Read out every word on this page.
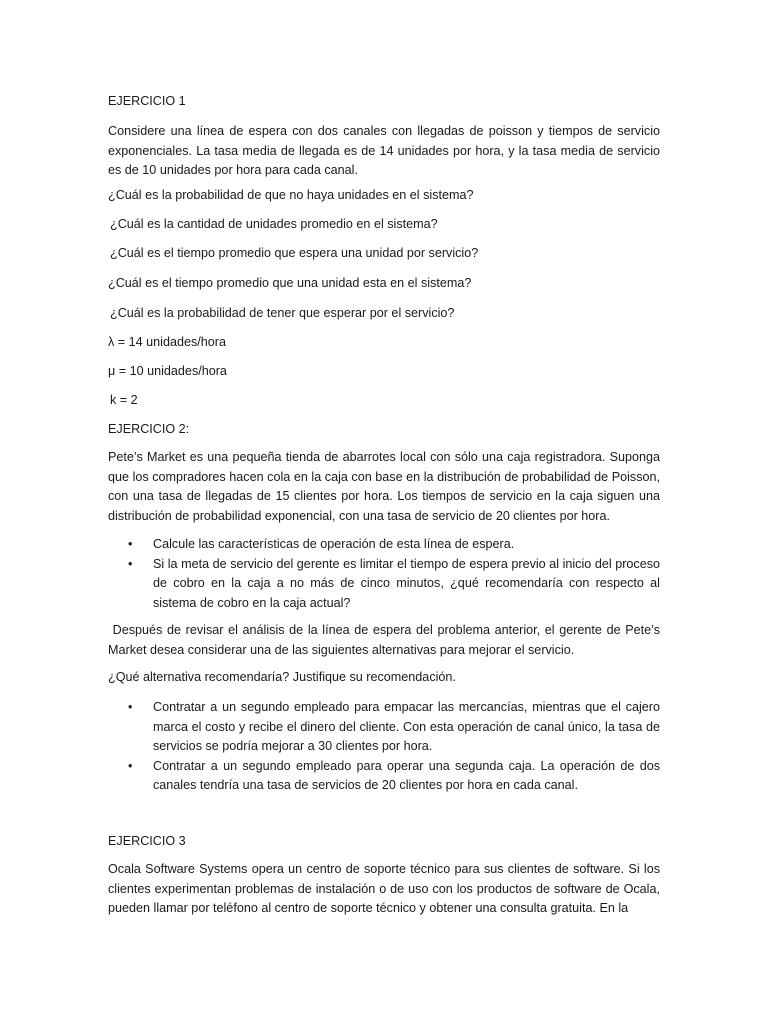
EJERCICIO 1

Considere una línea de espera con dos canales con llegadas de poisson y tiempos de servicio exponenciales. La tasa media de llegada es de 14 unidades por hora, y la tasa media de servicio es de 10 unidades por hora para cada canal.

¿Cuál es la probabilidad de que no haya unidades en el sistema?

¿Cuál es la cantidad de unidades promedio en el sistema?

¿Cuál es el tiempo promedio que espera una unidad por servicio?

¿Cuál es el tiempo promedio que una unidad esta en el sistema?

¿Cuál es la probabilidad de tener que esperar por el servicio?

λ = 14 unidades/hora

μ = 10 unidades/hora

k = 2

EJERCICIO 2:

Pete’s Market es una pequeña tienda de abarrotes local con sólo una caja registradora. Suponga que los compradores hacen cola en la caja con base en la distribución de probabilidad de Poisson, con una tasa de llegadas de 15 clientes por hora. Los tiempos de servicio en la caja siguen una distribución de probabilidad exponencial, con una tasa de servicio de 20 clientes por hora.

• Calcule las características de operación de esta línea de espera.
• Si la meta de servicio del gerente es limitar el tiempo de espera previo al inicio del proceso de cobro en la caja a no más de cinco minutos, ¿qué recomendaría con respecto al sistema de cobro en la caja actual?

Después de revisar el análisis de la línea de espera del problema anterior, el gerente de Pete’s Market desea considerar una de las siguientes alternativas para mejorar el servicio.

¿Qué alternativa recomendaría? Justifique su recomendación.

• Contratar a un segundo empleado para empacar las mercancías, mientras que el cajero marca el costo y recibe el dinero del cliente. Con esta operación de canal único, la tasa de servicios se podría mejorar a 30 clientes por hora.
• Contratar a un segundo empleado para operar una segunda caja. La operación de dos canales tendría una tasa de servicios de 20 clientes por hora en cada canal.

EJERCICIO 3

Ocala Software Systems opera un centro de soporte técnico para sus clientes de software. Si los clientes experimentan problemas de instalación o de uso con los productos de software de Ocala, pueden llamar por teléfono al centro de soporte técnico y obtener una consulta gratuita. En la
